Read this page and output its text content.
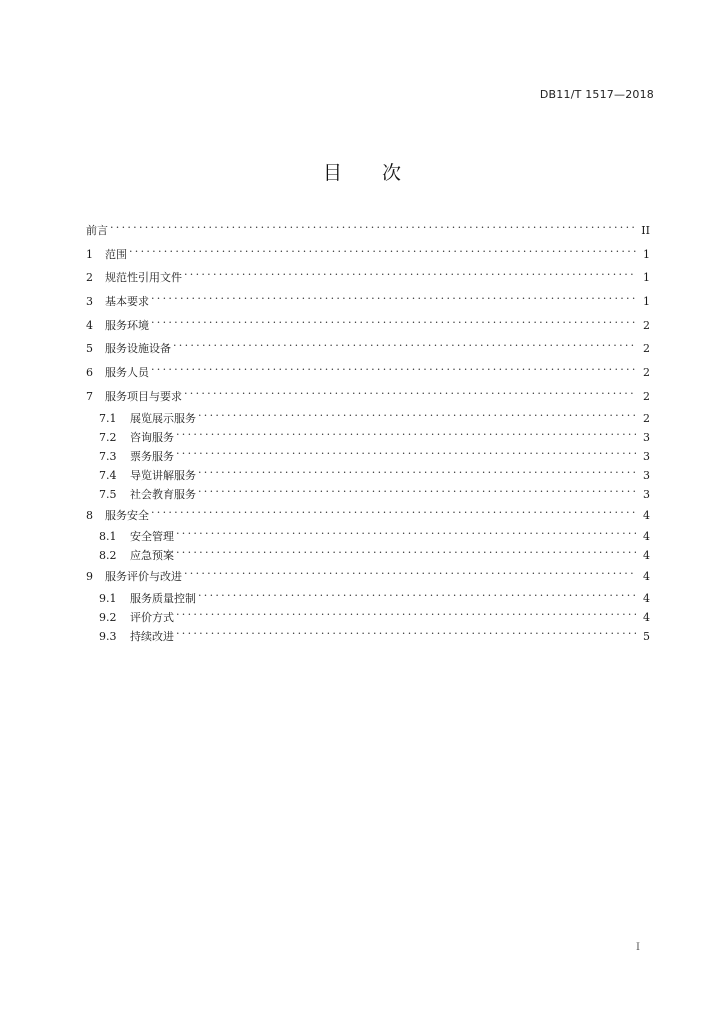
DB11/T 1517—2018
目 次
前言 . . .	II
1	范围 . . .	1
2	规范性引用文件 . . .	1
3	基本要求 . . .	1
4	服务环境 . . .	2
5	服务设施设备 . . .	2
6	服务人员 . . .	2
7	服务项目与要求 . . .	2
7.1	展览展示服务 . . .	2
7.2	咨询服务 . . .	3
7.3	票务服务 . . .	3
7.4	导览讲解服务 . . .	3
7.5	社会教育服务 . . .	3
8	服务安全 . . .	4
8.1	安全管理 . . .	4
8.2	应急预案 . . .	4
9	服务评价与改进 . . .	4
9.1	服务质量控制 . . .	4
9.2	评价方式 . . .	4
9.3	持续改进 . . .	5
I
